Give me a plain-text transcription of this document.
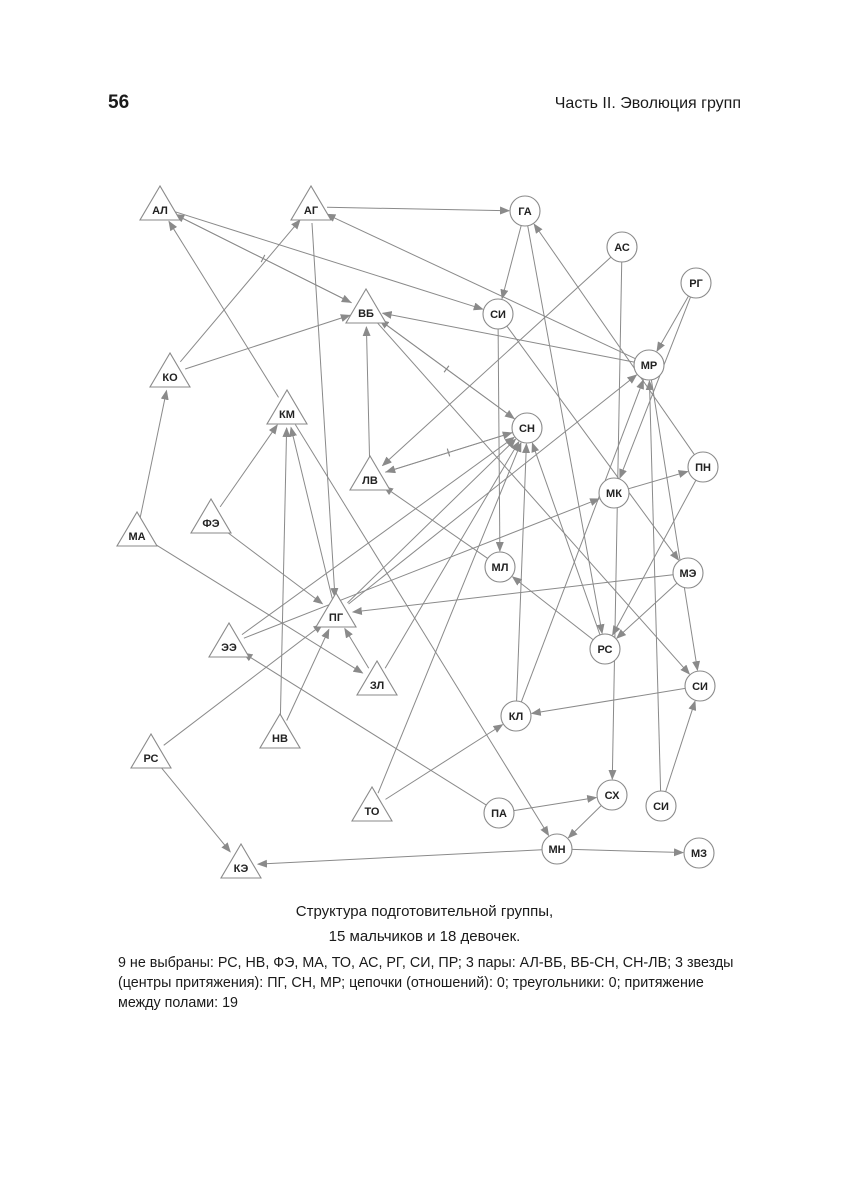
56	Часть II. Эволюция групп
АЛ	АГ
ВБ
КО
КМ
ЛВ
ФЭ
МА
ПГ
ЭЭ
ЗЛ
НВ
РС
ТО
КЭ
ГА
АС
РГ
СИ
МР
СН
ПН
МК
МЛ	МЭ
РС
СИ
КЛ
СХ
СИ
ПА
МН	МЗ
Структура подготовительной группы,
15 мальчиков и 18 девочек.
9 не выбраны: РС, НВ, ФЭ, МА, ТО, АС, РГ, СИ, ПР; 3 пары: АЛ-ВБ, ВБ-СН, СН-ЛВ; 3 звезды (центры притяжения): ПГ, СН, МР; цепочки (отношений): 0; треугольники: 0; притяжение между полами: 19
